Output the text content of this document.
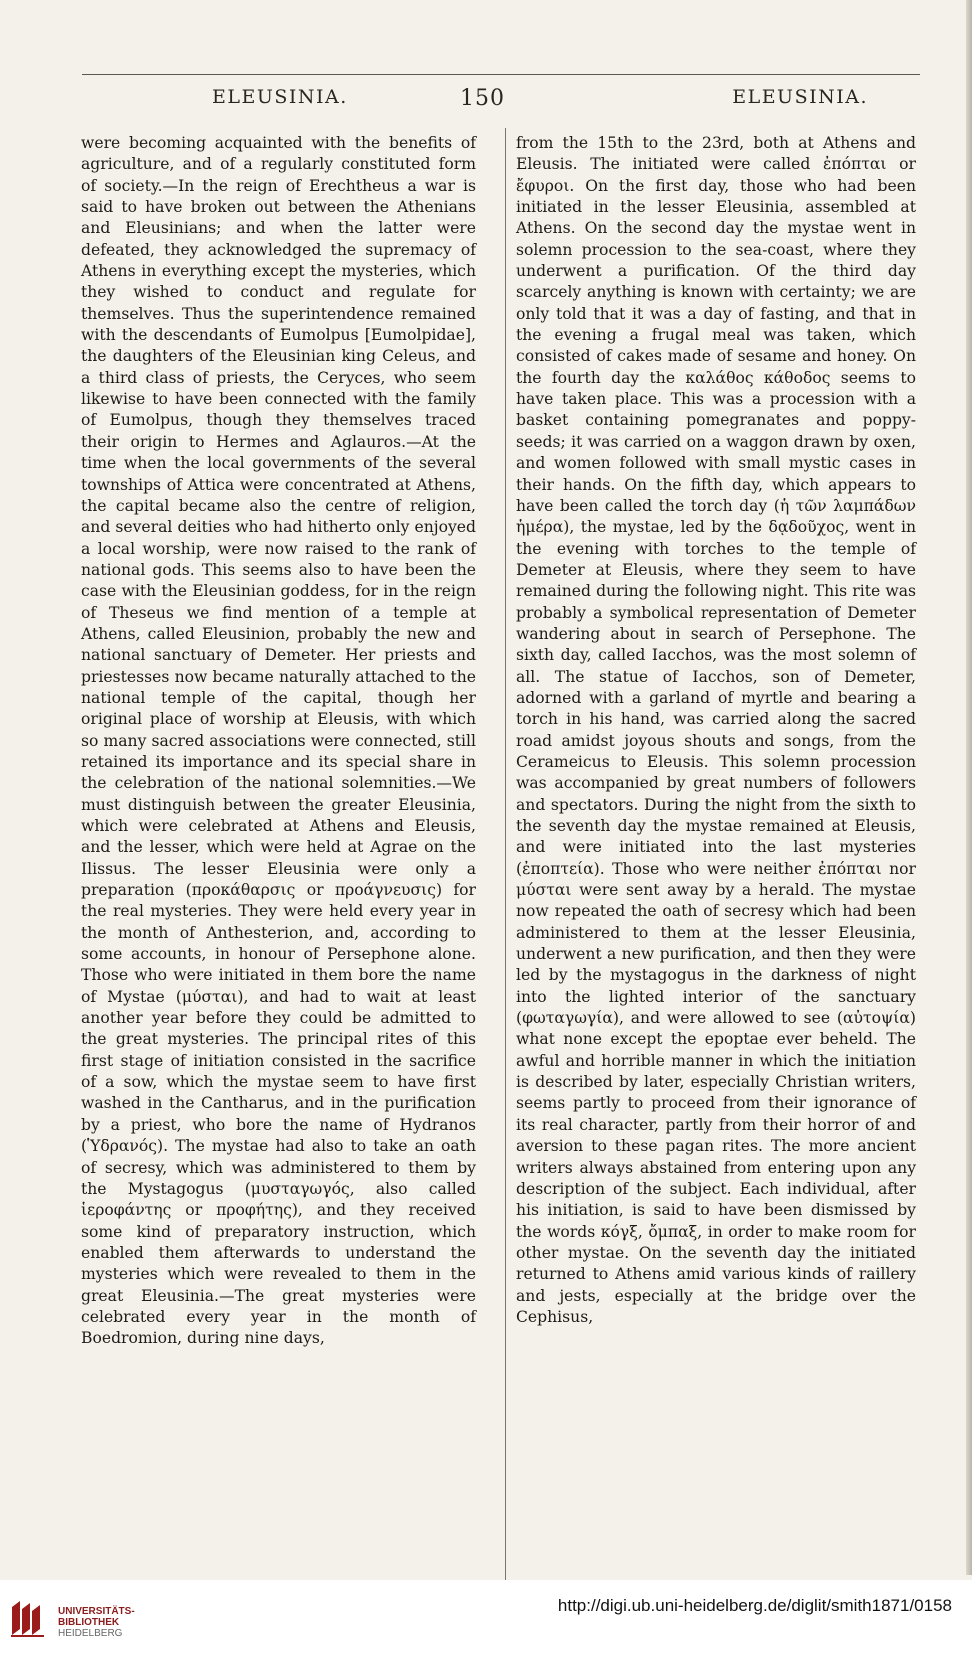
ELEUSINIA.	150	ELEUSINIA.

were becoming acquainted with the benefits of agriculture, and of a regularly constituted form of society.—In the reign of Erechtheus a war is said to have broken out between the Athenians and Eleusinians; and when the latter were defeated, they acknowledged the supremacy of Athens in everything except the mysteries, which they wished to conduct and regulate for themselves. Thus the superintendence remained with the descendants of Eumolpus [Eumolpidae], the daughters of the Eleusinian king Celeus, and a third class of priests, the Ceryces, who seem likewise to have been connected with the family of Eumolpus, though they themselves traced their origin to Hermes and Aglauros.—At the time when the local governments of the several townships of Attica were concentrated at Athens, the capital became also the centre of religion, and several deities who had hitherto only enjoyed a local worship, were now raised to the rank of national gods. This seems also to have been the case with the Eleusinian goddess, for in the reign of Theseus we find mention of a temple at Athens, called Eleusinion, probably the new and national sanctuary of Demeter. Her priests and priestesses now became naturally attached to the national temple of the capital, though her original place of worship at Eleusis, with which so many sacred associations were connected, still retained its importance and its special share in the celebration of the national solemnities.—We must distinguish between the greater Eleusinia, which were celebrated at Athens and Eleusis, and the lesser, which were held at Agrae on the Ilissus. The lesser Eleusinia were only a preparation (προκάθαρσις or προάγνευσις) for the real mysteries. They were held every year in the month of Anthesterion, and, according to some accounts, in honour of Persephone alone. Those who were initiated in them bore the name of Mystae (μύσται), and had to wait at least another year before they could be admitted to the great mysteries. The principal rites of this first stage of initiation consisted in the sacrifice of a sow, which the mystae seem to have first washed in the Cantharus, and in the purification by a priest, who bore the name of Hydranos (Ὑδρανός). The mystae had also to take an oath of secresy, which was administered to them by the Mystagogus (μυσταγωγός, also called ἱεροφάντης or προφήτης), and they received some kind of preparatory instruction, which enabled them afterwards to understand the mysteries which were revealed to them in the great Eleusinia.—The great mysteries were celebrated every year in the month of Boedromion, during nine days,

from the 15th to the 23rd, both at Athens and Eleusis. The initiated were called ἐπόπται or ἔφυροι. On the first day, those who had been initiated in the lesser Eleusinia, assembled at Athens. On the second day the mystae went in solemn procession to the sea-coast, where they underwent a purification. Of the third day scarcely anything is known with certainty; we are only told that it was a day of fasting, and that in the evening a frugal meal was taken, which consisted of cakes made of sesame and honey. On the fourth day the καλάθος κάθοδος seems to have taken place. This was a procession with a basket containing pomegranates and poppy-seeds; it was carried on a waggon drawn by oxen, and women followed with small mystic cases in their hands. On the fifth day, which appears to have been called the torch day (ἡ τῶν λαμπάδων ἡμέρα), the mystae, led by the δᾳδοῦχος, went in the evening with torches to the temple of Demeter at Eleusis, where they seem to have remained during the following night. This rite was probably a symbolical representation of Demeter wandering about in search of Persephone. The sixth day, called Iacchos, was the most solemn of all. The statue of Iacchos, son of Demeter, adorned with a garland of myrtle and bearing a torch in his hand, was carried along the sacred road amidst joyous shouts and songs, from the Cerameicus to Eleusis. This solemn procession was accompanied by great numbers of followers and spectators. During the night from the sixth to the seventh day the mystae remained at Eleusis, and were initiated into the last mysteries (ἐποπτεία). Those who were neither ἐπόπται nor μύσται were sent away by a herald. The mystae now repeated the oath of secresy which had been administered to them at the lesser Eleusinia, underwent a new purification, and then they were led by the mystagogus in the darkness of night into the lighted interior of the sanctuary (φωταγωγία), and were allowed to see (αὐτοψία) what none except the epoptae ever beheld. The awful and horrible manner in which the initiation is described by later, especially Christian writers, seems partly to proceed from their ignorance of its real character, partly from their horror of and aversion to these pagan rites. The more ancient writers always abstained from entering upon any description of the subject. Each individual, after his initiation, is said to have been dismissed by the words κόγξ, ὄμπαξ, in order to make room for other mystae. On the seventh day the initiated returned to Athens amid various kinds of raillery and jests, especially at the bridge over the Cephisus,

UNIVERSITÄTS-
BIBLIOTHEK
HEIDELBERG
http://digi.ub.uni-heidelberg.de/diglit/smith1871/0158
